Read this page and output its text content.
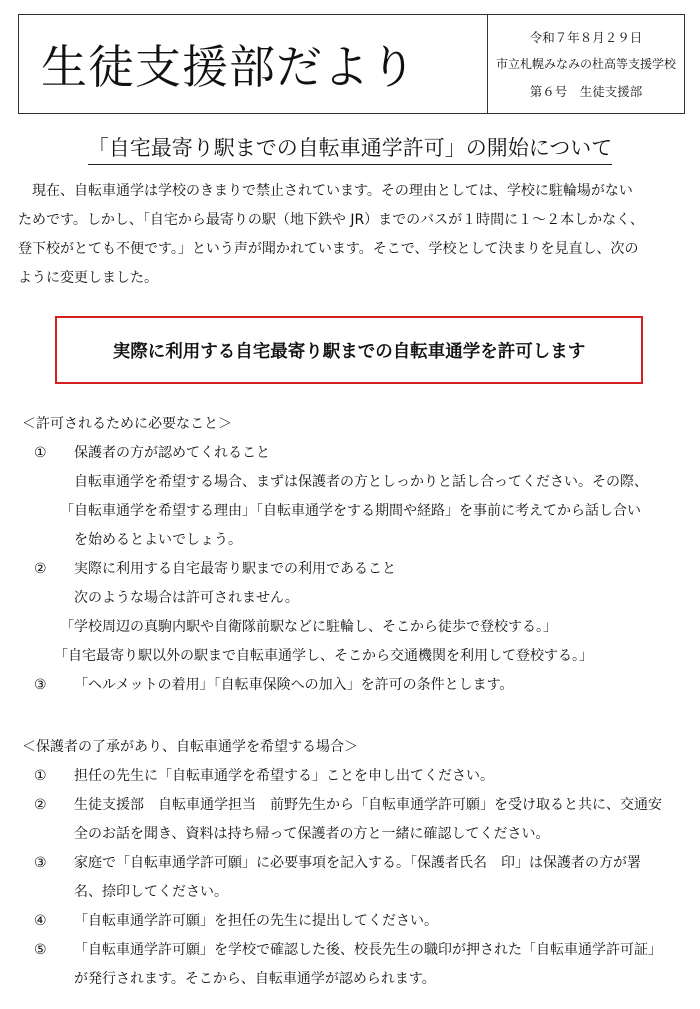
生徒支援部だより
令和７年８月２９日
市立札幌みなみの杜高等支援学校
第６号　生徒支援部
「自宅最寄り駅までの自転車通学許可」の開始について

現在、自転車通学は学校のきまりで禁止されています。その理由としては、学校に駐輪場がない

ためです。しかし、「自宅から最寄りの駅（地下鉄や JR）までのバスが１時間に１～２本しかなく、

登下校がとても不便です。」という声が聞かれています。そこで、学校として決まりを見直し、次の

ように変更しました。

実際に利用する自宅最寄り駅までの自転車通学を許可します
＜許可されるために必要なこと＞
①	保護者の方が認めてくれること
自転車通学を希望する場合、まずは保護者の方としっかりと話し合ってください。その際、
「自転車通学を希望する理由」「自転車通学をする期間や経路」を事前に考えてから話し合い
を始めるとよいでしょう。
②	実際に利用する自宅最寄り駅までの利用であること
次のような場合は許可されません。
「学校周辺の真駒内駅や自衛隊前駅などに駐輪し、そこから徒歩で登校する。」
「自宅最寄り駅以外の駅まで自転車通学し、そこから交通機関を利用して登校する。」
③	「ヘルメットの着用」「自転車保険への加入」を許可の条件とします。
＜保護者の了承があり、自転車通学を希望する場合＞
①	担任の先生に「自転車通学を希望する」ことを申し出てください。
②	生徒支援部　自転車通学担当　前野先生から「自転車通学許可願」を受け取ると共に、交通安
全のお話を聞き、資料は持ち帰って保護者の方と一緒に確認してください。
③	家庭で「自転車通学許可願」に必要事項を記入する。「保護者氏名　印」は保護者の方が署
名、捺印してください。
④	「自転車通学許可願」を担任の先生に提出してください。
⑤	「自転車通学許可願」を学校で確認した後、校長先生の職印が押された「自転車通学許可証」
が発行されます。そこから、自転車通学が認められます。
